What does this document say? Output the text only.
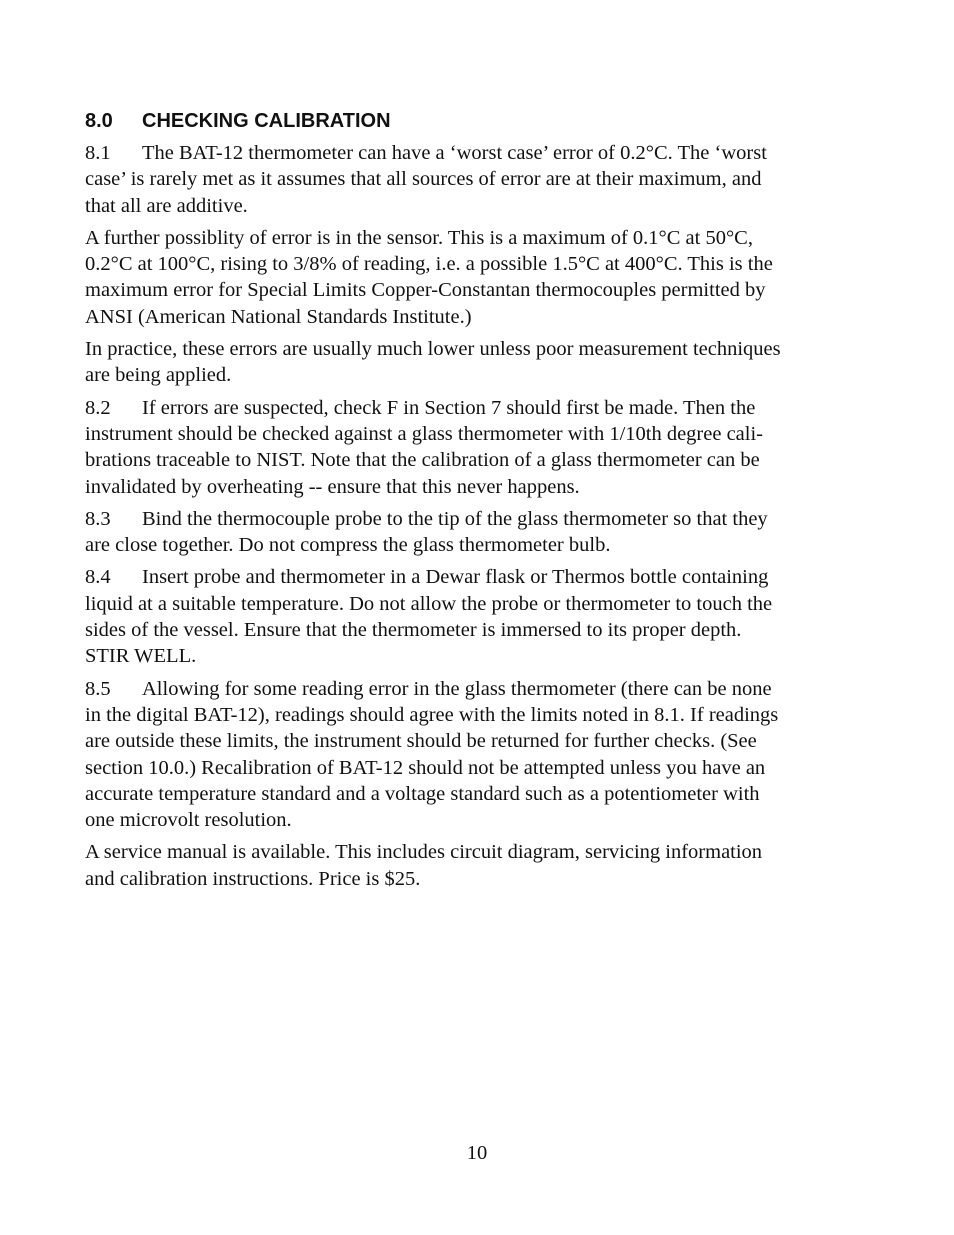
8.0 CHECKING CALIBRATION
8.1 The BAT-12 thermometer can have a ‘worst case’ error of 0.2°C. The ‘worst
case’ is rarely met as it assumes that all sources of error are at their maximum, and
that all are additive.
A further possiblity of error is in the sensor. This is a maximum of 0.1°C at 50°C,
0.2°C at 100°C, rising to 3/8% of reading, i.e. a possible 1.5°C at 400°C. This is the
maximum error for Special Limits Copper-Constantan thermocouples permitted by
ANSI (American National Standards Institute.)
In practice, these errors are usually much lower unless poor measurement techniques
are being applied.
8.2 If errors are suspected, check F in Section 7 should first be made. Then the
instrument should be checked against a glass thermometer with 1/10th degree cali-
brations traceable to NIST. Note that the calibration of a glass thermometer can be
invalidated by overheating -- ensure that this never happens.
8.3 Bind the thermocouple probe to the tip of the glass thermometer so that they
are close together. Do not compress the glass thermometer bulb.
8.4 Insert probe and thermometer in a Dewar flask or Thermos bottle containing
liquid at a suitable temperature. Do not allow the probe or thermometer to touch the
sides of the vessel. Ensure that the thermometer is immersed to its proper depth.
STIR WELL.
8.5 Allowing for some reading error in the glass thermometer (there can be none
in the digital BAT-12), readings should agree with the limits noted in 8.1. If readings
are outside these limits, the instrument should be returned for further checks. (See
section 10.0.) Recalibration of BAT-12 should not be attempted unless you have an
accurate temperature standard and a voltage standard such as a potentiometer with
one microvolt resolution.
A service manual is available. This includes circuit diagram, servicing information
and calibration instructions. Price is $25.
10
